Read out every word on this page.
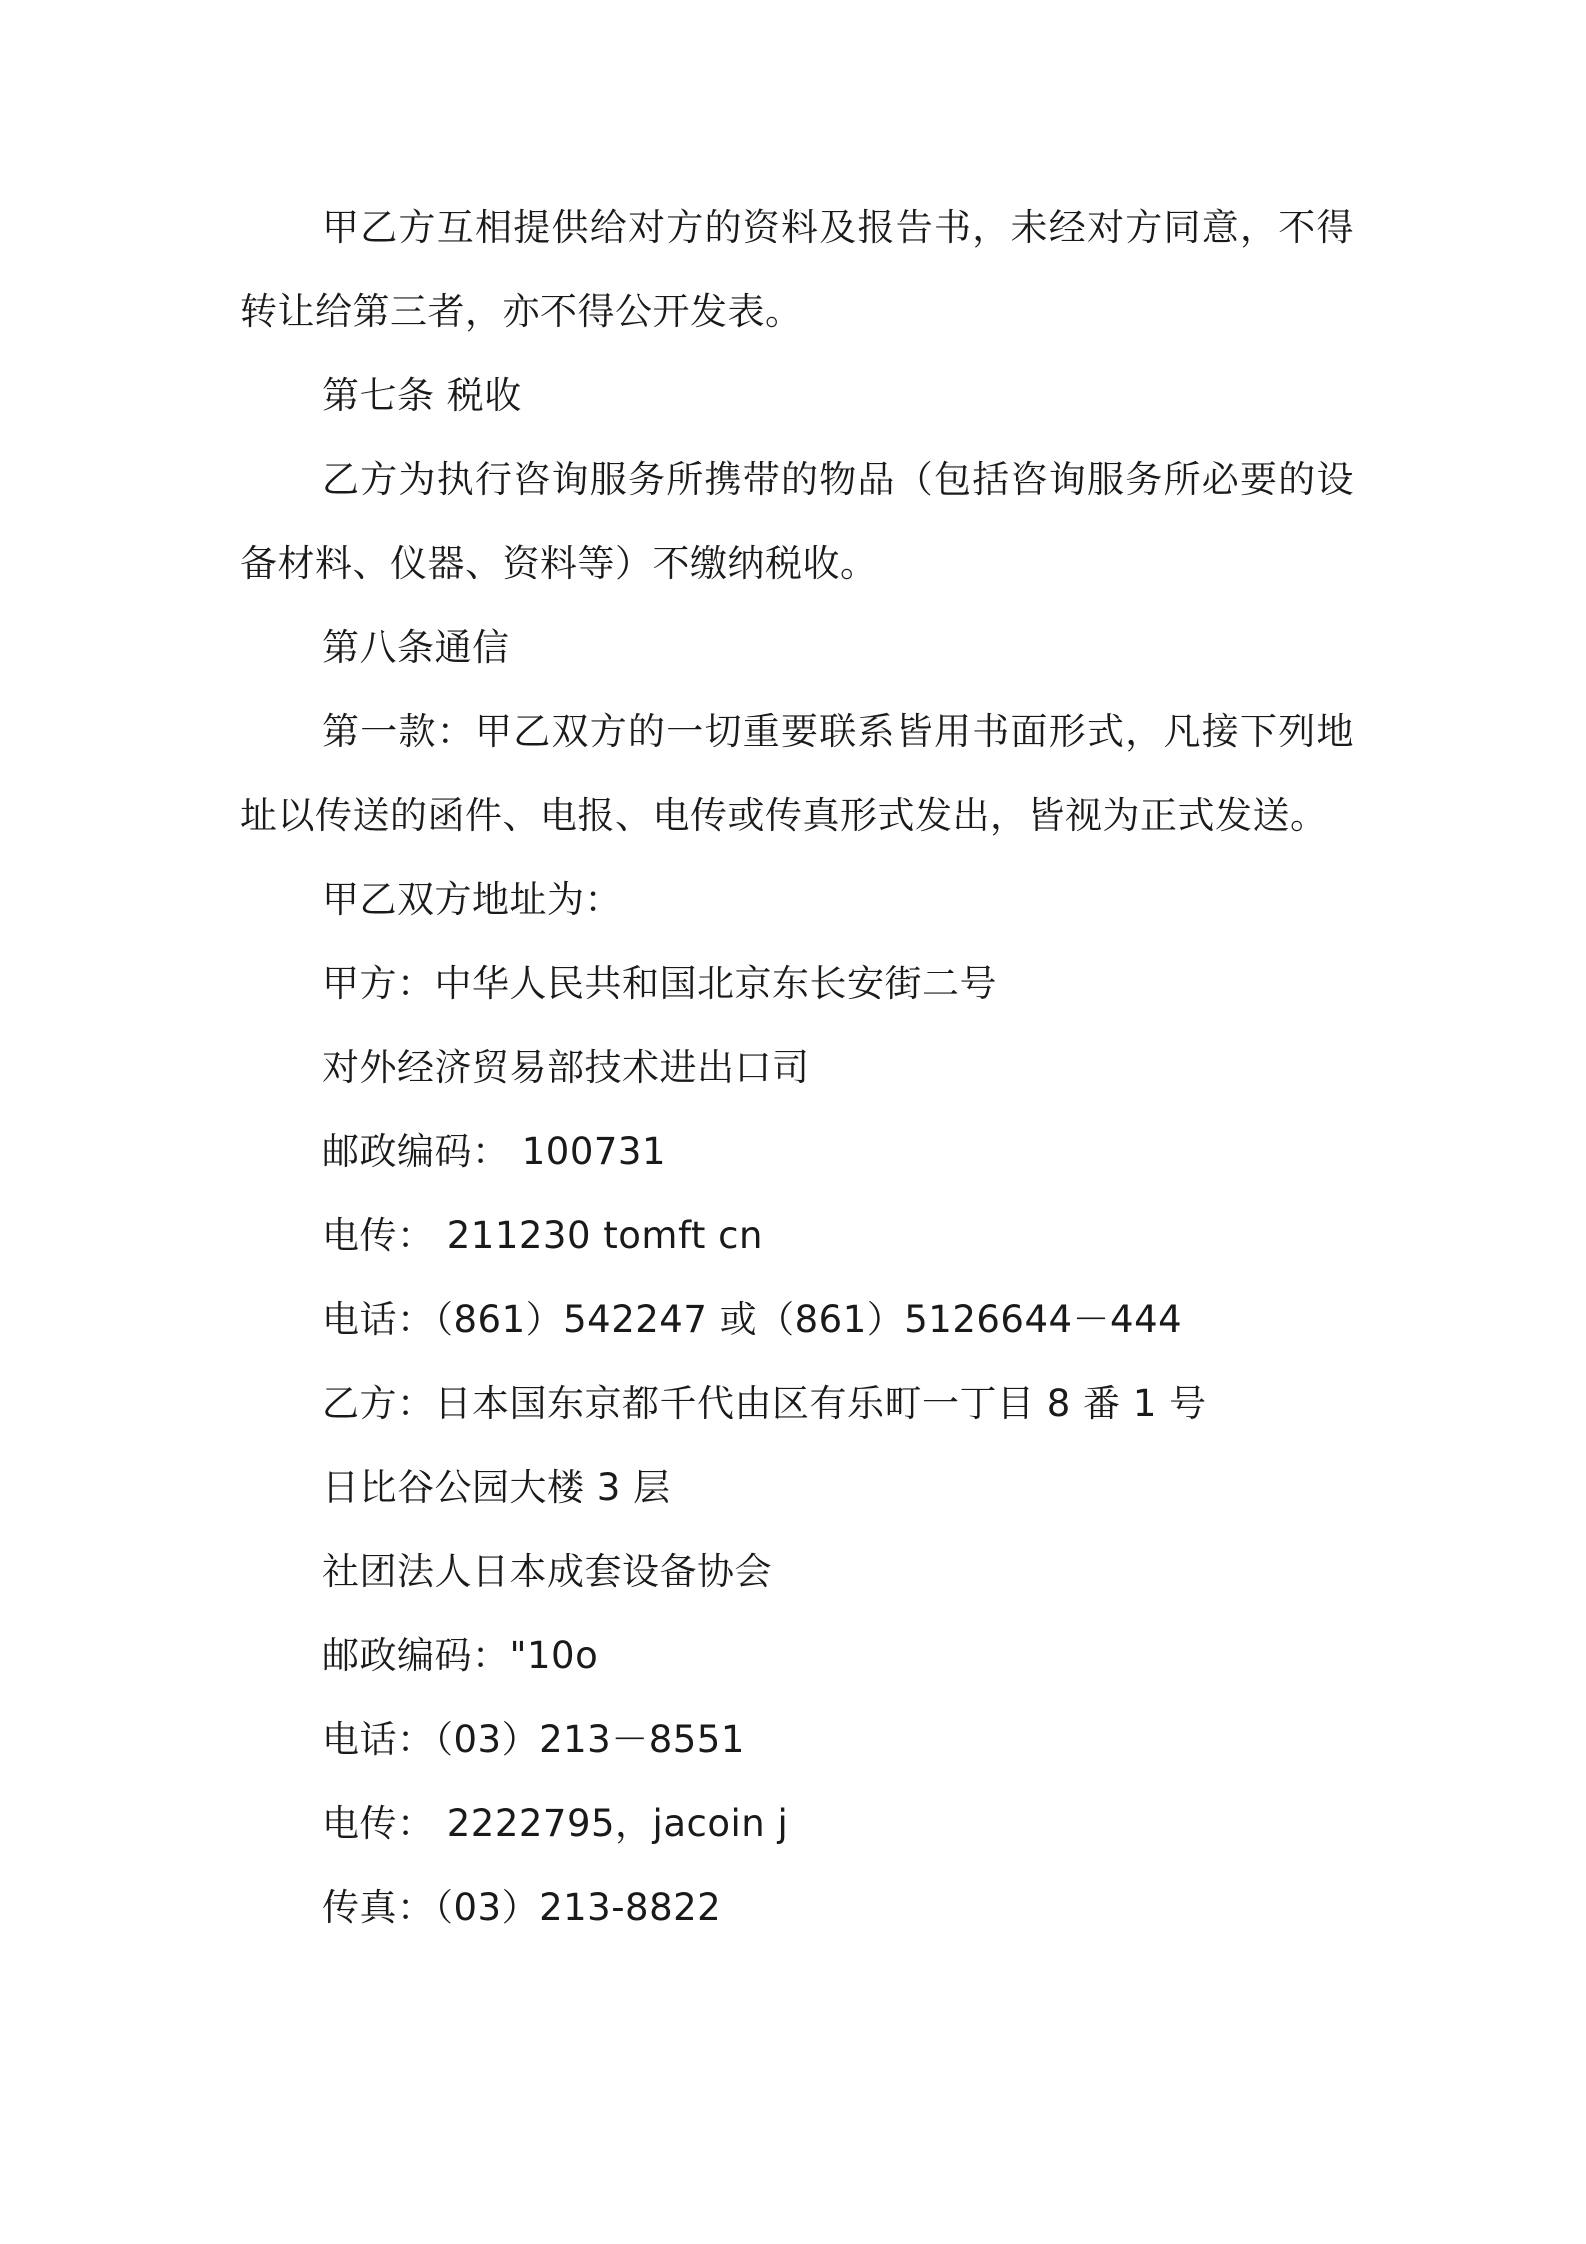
甲乙方互相提供给对方的资料及报告书，未经对方同意，不得转让给第三者，亦不得公开发表。

第七条 税收

乙方为执行咨询服务所携带的物品（包括咨询服务所必要的设备材料、仪器、资料等）不缴纳税收。

第八条通信

第一款：甲乙双方的一切重要联系皆用书面形式，凡接下列地址以传送的函件、电报、电传或传真形式发出，皆视为正式发送。

甲乙双方地址为：

甲方：中华人民共和国北京东长安街二号

对外经济贸易部技术进出口司

邮政编码： 100731

电传： 211230 tomft cn

电话：（861）542247 或（861）5126644－444

乙方：日本国东京都千代由区有乐町一丁目 8 番 1 号

日比谷公园大楼 3 层

社团法人日本成套设备协会

邮政编码："10o

电话：（03）213－8551

电传： 2222795，jacoin j

传真：（03）213-8822
